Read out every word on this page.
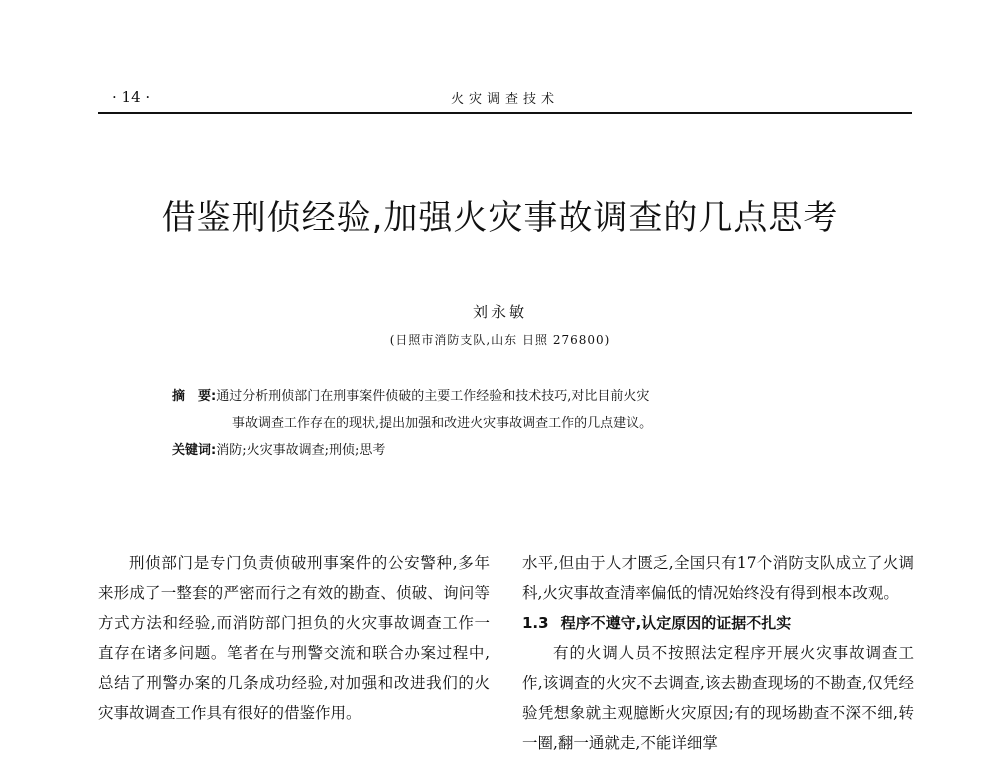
· 14 ·	火灾调查技术
借鉴刑侦经验,加强火灾事故调查的几点思考
刘永敏
(日照市消防支队,山东 日照 276800)
摘　要:通过分析刑侦部门在刑事案件侦破的主要工作经验和技术技巧,对比目前火灾
事故调查工作存在的现状,提出加强和改进火灾事故调查工作的几点建议。
关键词:消防;火灾事故调查;刑侦;思考

刑侦部门是专门负责侦破刑事案件的公安警种,多年来形成了一整套的严密而行之有效的勘查、侦破、询问等方式方法和经验,而消防部门担负的火灾事故调查工作一直存在诸多问题。笔者在与刑警交流和联合办案过程中,总结了刑警办案的几条成功经验,对加强和改进我们的火灾事故调查工作具有很好的借鉴作用。

水平,但由于人才匮乏,全国只有17个消防支队成立了火调科,火灾事故查清率偏低的情况始终没有得到根本改观。

1.3 程序不遵守,认定原因的证据不扎实

有的火调人员不按照法定程序开展火灾事故调查工作,该调查的火灾不去调查,该去勘查现场的不勘查,仅凭经验凭想象就主观臆断火灾原因;有的现场勘查不深不细,转一圈,翻一通就走,不能详细掌
